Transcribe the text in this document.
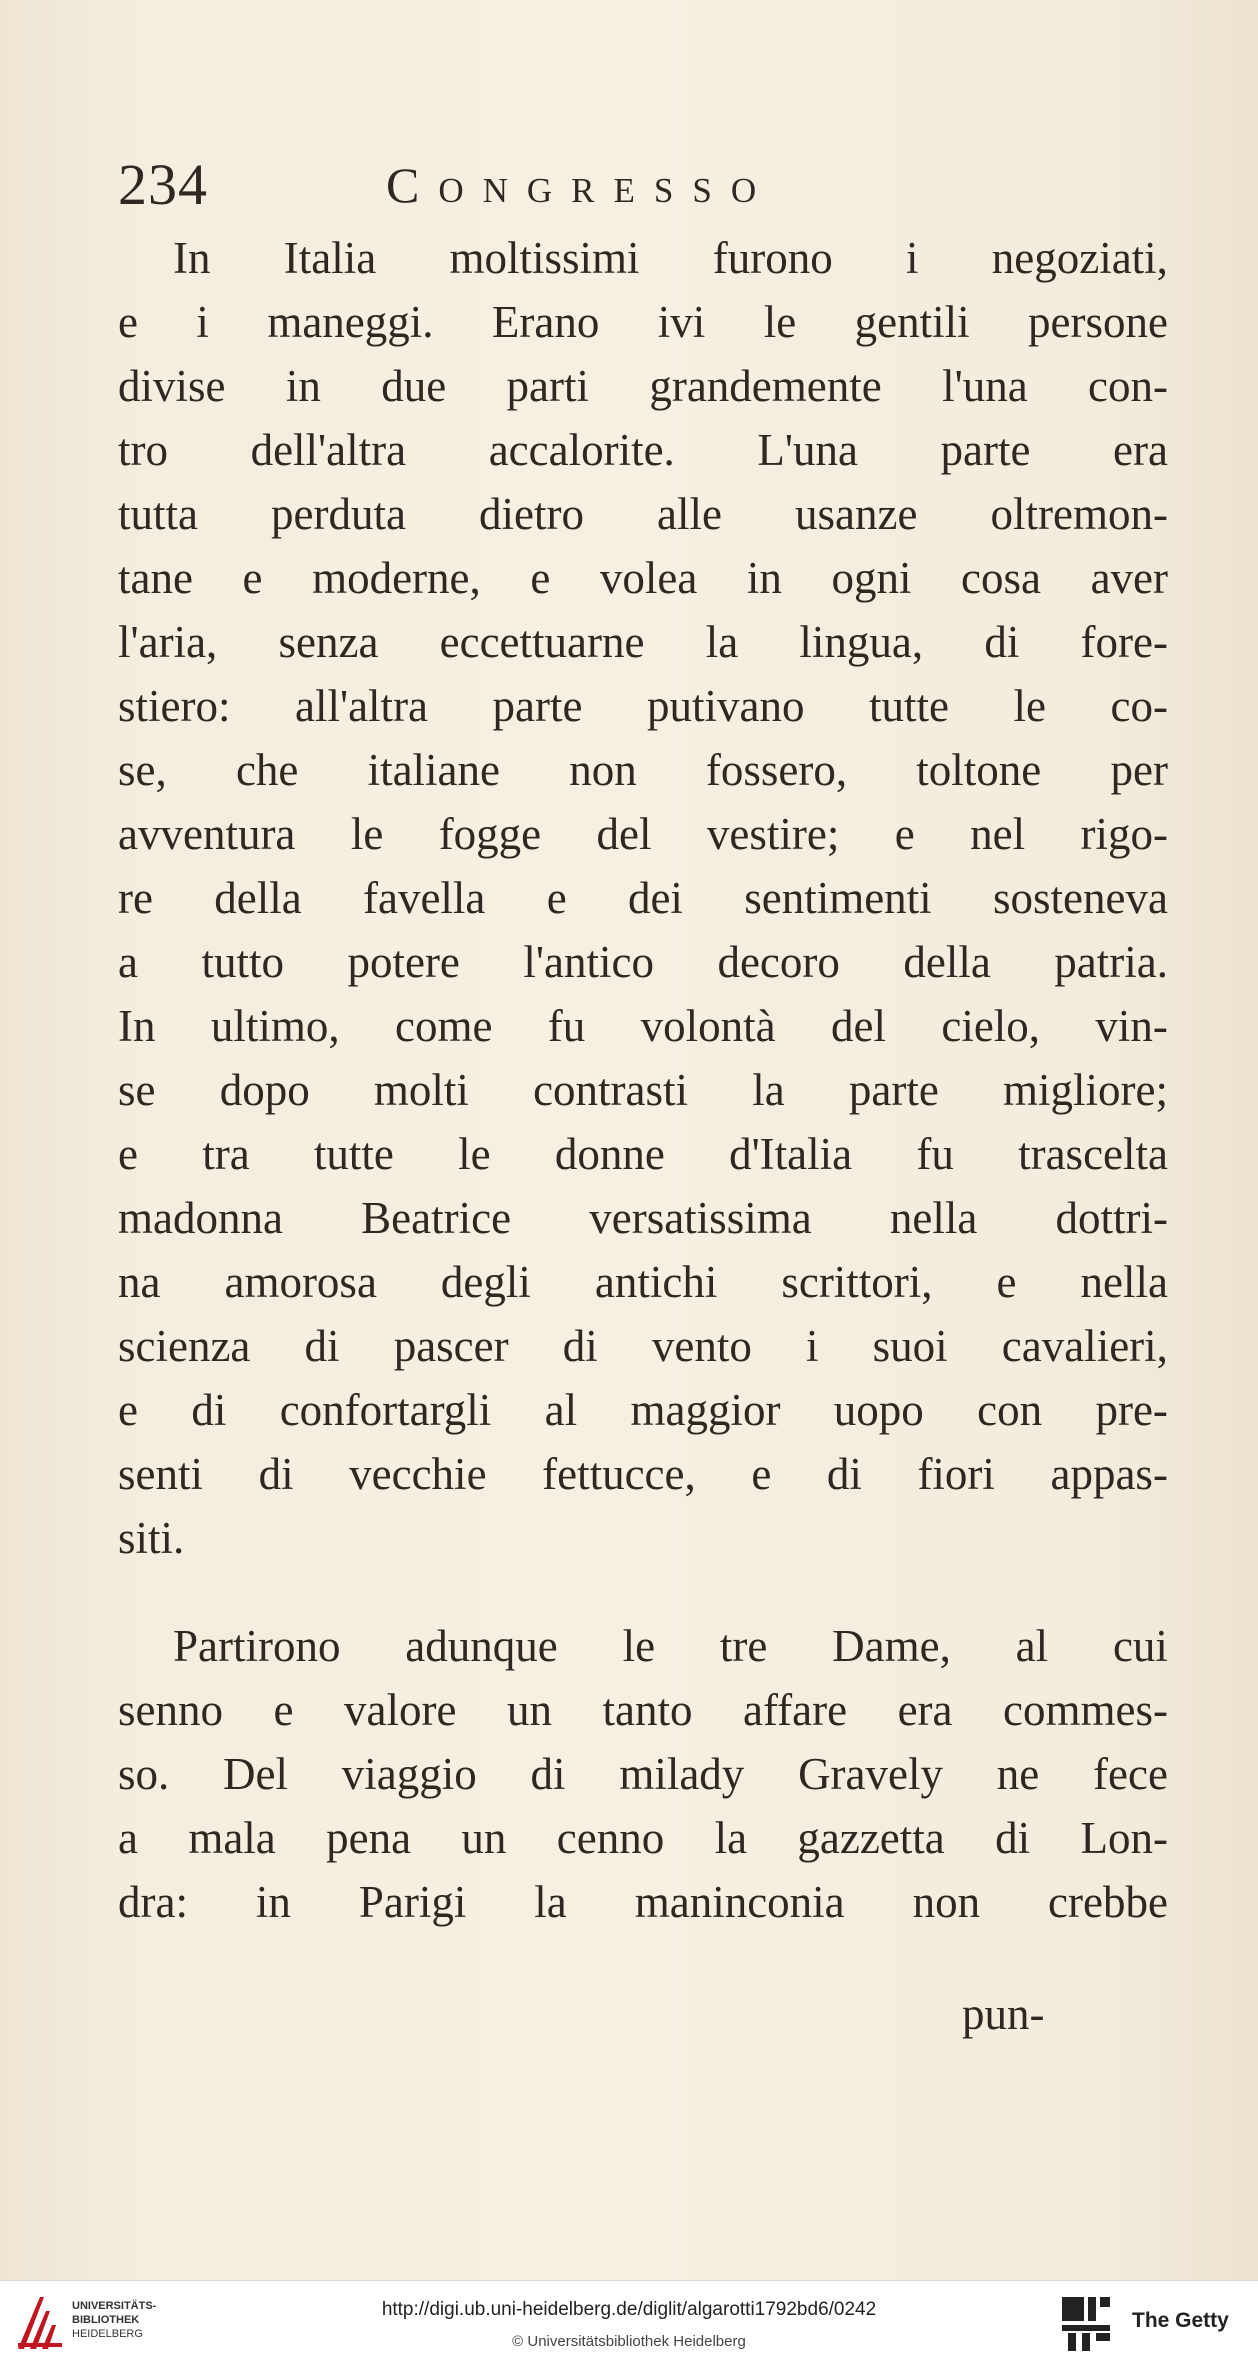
234	Congresso
In Italia moltissimi furono i negoziati,
e i maneggi. Erano ivi le gentili persone
divise in due parti grandemente l'una con-
tro dell'altra accalorite. L'una parte era
tutta perduta dietro alle usanze oltremon-
tane e moderne, e volea in ogni cosa aver
l'aria, senza eccettuarne la lingua, di fore-
stiero: all'altra parte putivano tutte le co-
se, che italiane non fossero, toltone per
avventura le fogge del vestire; e nel rigo-
re della favella e dei sentimenti sosteneva
a tutto potere l'antico decoro della patria.
In ultimo, come fu volontà del cielo, vin-
se dopo molti contrasti la parte migliore;
e tra tutte le donne d'Italia fu trascelta
madonna Beatrice versatissima nella dottri-
na amorosa degli antichi scrittori, e nella
scienza di pascer di vento i suoi cavalieri,
e di confortargli al maggior uopo con pre-
senti di vecchie fettucce, e di fiori appas-
siti.
Partirono adunque le tre Dame, al cui
senno e valore un tanto affare era commes-
so. Del viaggio di milady Gravely ne fece
a mala pena un cenno la gazzetta di Lon-
dra: in Parigi la maninconia non crebbe
pun-
UNIVERSITÄTS-
BIBLIOTHEK
HEIDELBERG
http://digi.ub.uni-heidelberg.de/diglit/algarotti1792bd6/0242
© Universitätsbibliothek Heidelberg
The Getty
